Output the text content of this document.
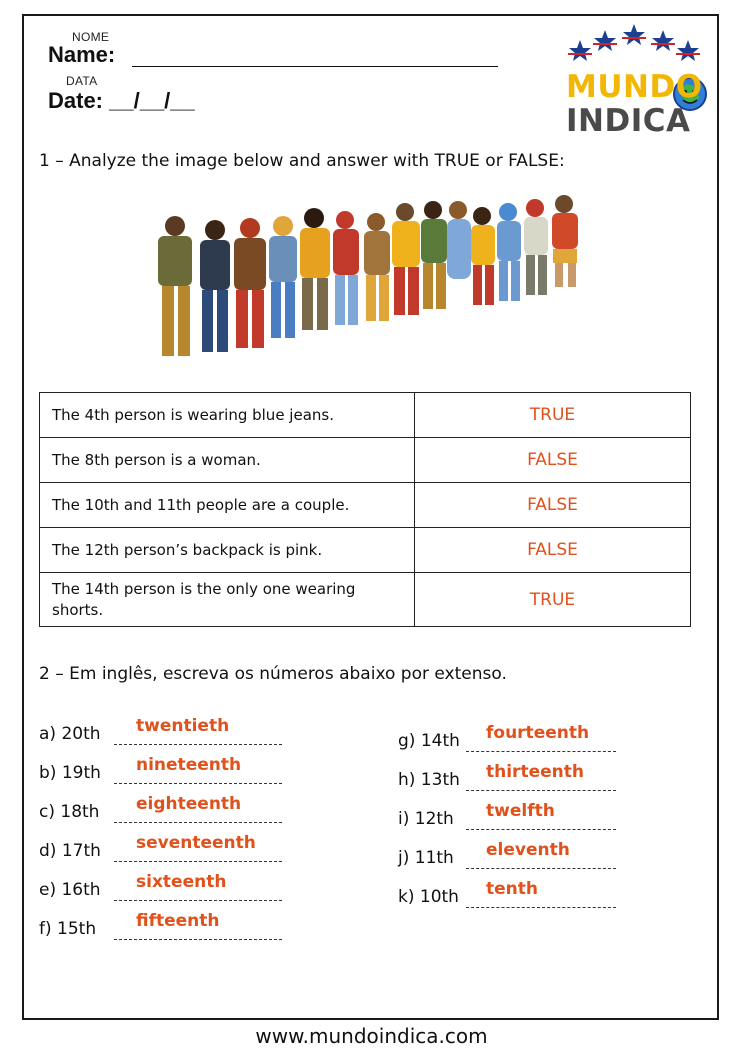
NOME
Name:
DATA
Date: __/__/__	MUNDO
INDICA
1 – Analyze the image below and answer with TRUE or FALSE:
The 4th person is wearing blue jeans.	TRUE
The 8th person is a woman.	FALSE
The 10th and 11th people are a couple.	FALSE
The 12th person’s backpack is pink.	FALSE
The 14th person is the only one wearing shorts.	TRUE
2 – Em inglês, escreva os números abaixo por extenso.
a) 20th twentieth
b) 19th nineteenth
c) 18th eighteenth
d) 17th seventeenth
e) 16th sixteenth
f) 15th fifteenth
g) 14th fourteenth
h) 13th thirteenth
i) 12th twelfth
j) 11th eleventh
k) 10th tenth
www.mundoindica.com
